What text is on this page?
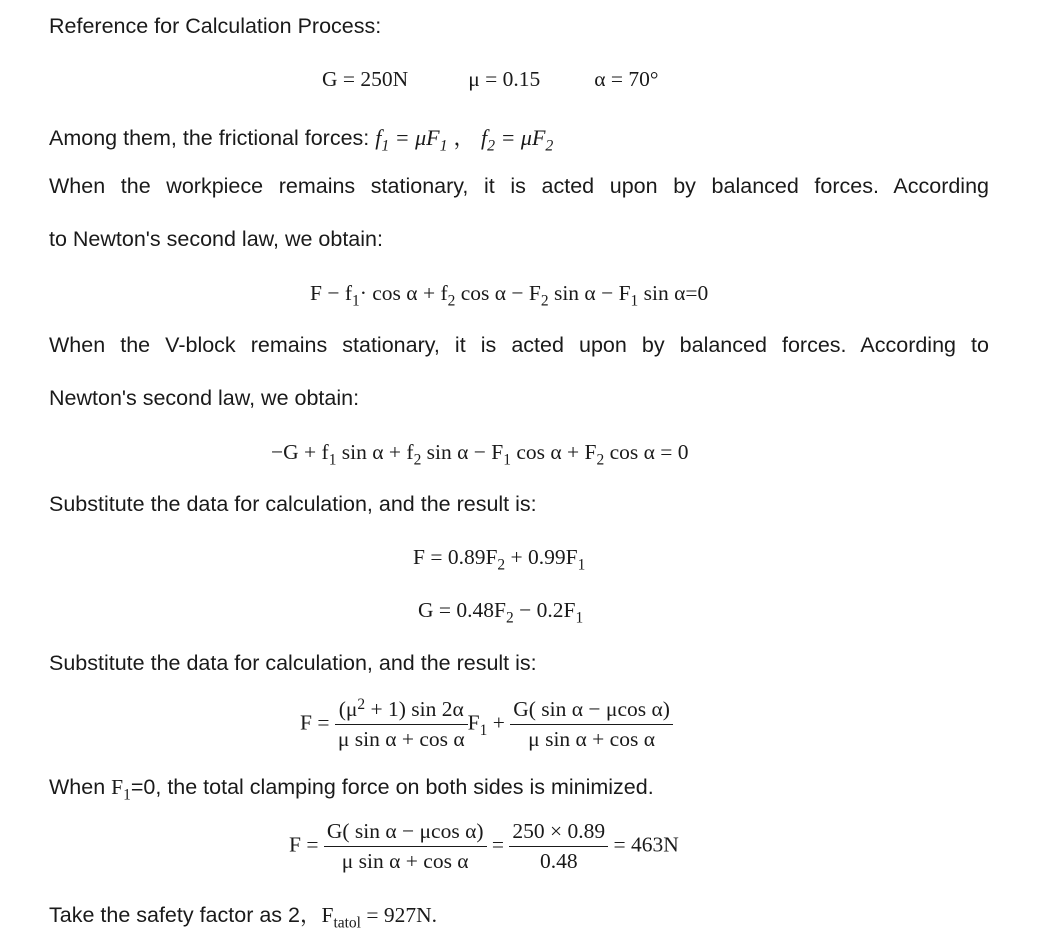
Reference for Calculation Process:
G = 250N	μ = 0.15	α = 70°
Among them, the frictional forces: $f_1 = \mu F_1$ ， $f_2 = \mu F_2$
When the workpiece remains stationary, it is acted upon by balanced forces. According
to Newton's second law, we obtain:
$F - f_1\cdot \cos \alpha + f_2$ $\cos \alpha - F_2$ $\sin \alpha - F_1$ sin α=0
When the V-block remains stationary, it is acted upon by balanced forces. According to
Newton's second law, we obtain:
$-G + f_1$ $\sin \alpha + f_2$ $\sin \alpha - F_1$ $\cos \alpha + F_2$ cos α = 0
Substitute the data for calculation, and the result is:
$F = 0.89F_2 + 0.99F_1$
$G = 0.48F_2 - 0.2F_1$
Substitute the data for calculation, and the result is:
$F = \frac{(\mu^2 + 1) \sin 2\alpha}{\text{μ sin α + cos α}} F_1 + \frac{\text{G( sin α − μcos α)}}{\text{μ sin α + cos α}}$
When $F_1=0$, the total clamping force on both sides is minimized.
$F = \frac{\text{G( sin α − μcos α)}}{\text{μ sin α + cos α}} = \frac{250 \times 0.89}{0.48} = 463N$
Take the safety factor as 2，$F_{tatol} = 927N$.
